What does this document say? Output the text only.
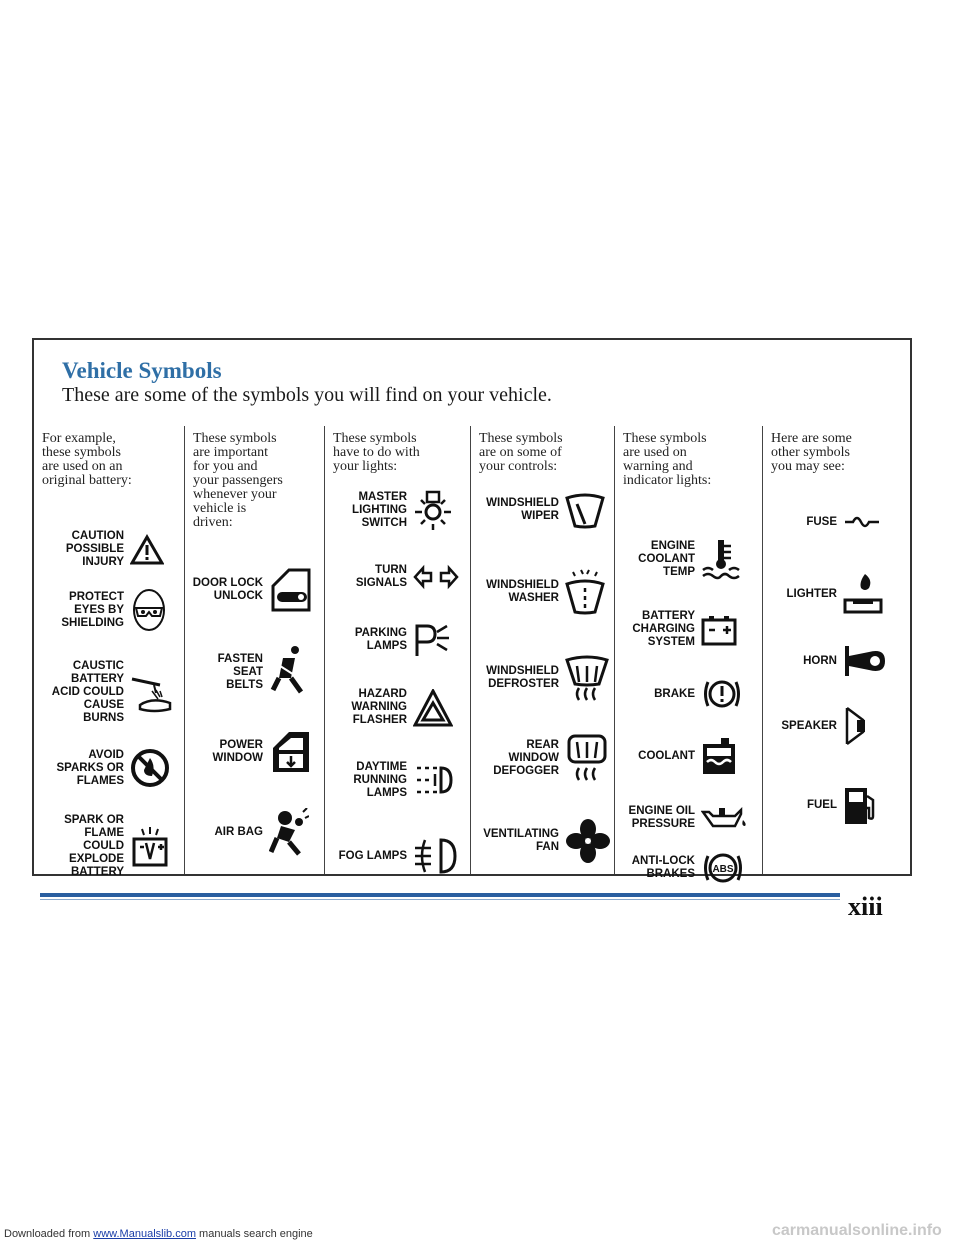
Vehicle Symbols
These are some of the symbols you will find on your vehicle.
For example,
these symbols
are used on an
original battery:
CAUTION
POSSIBLE
INJURY
PROTECT
EYES BY
SHIELDING
CAUSTIC
BATTERY
ACID COULD
CAUSE
BURNS
AVOID
SPARKS OR
FLAMES
SPARK OR
FLAME
COULD
EXPLODE
BATTERY
These symbols
are important
for you and
your passengers
whenever your
vehicle is
driven:
DOOR LOCK
UNLOCK
FASTEN
SEAT
BELTS
POWER
WINDOW
AIR BAG
These symbols
have to do with
your lights:
MASTER
LIGHTING
SWITCH
TURN
SIGNALS
PARKING
LAMPS
HAZARD
WARNING
FLASHER
DAYTIME
RUNNING
LAMPS
FOG LAMPS
These symbols
are on some of
your controls:
WINDSHIELD
WIPER
WINDSHIELD
WASHER
WINDSHIELD
DEFROSTER
REAR
WINDOW
DEFOGGER
VENTILATING
FAN
These symbols
are used on
warning and
indicator lights:
ENGINE
COOLANT
TEMP
BATTERY
CHARGING
SYSTEM
BRAKE
COOLANT
ENGINE OIL
PRESSURE
ANTI-LOCK
BRAKES ABS
Here are some
other symbols
you may see:
FUSE
LIGHTER
HORN
SPEAKER
FUEL
xiii
Downloaded from www.Manualslib.com manuals search engine	carmanualsonline.info
